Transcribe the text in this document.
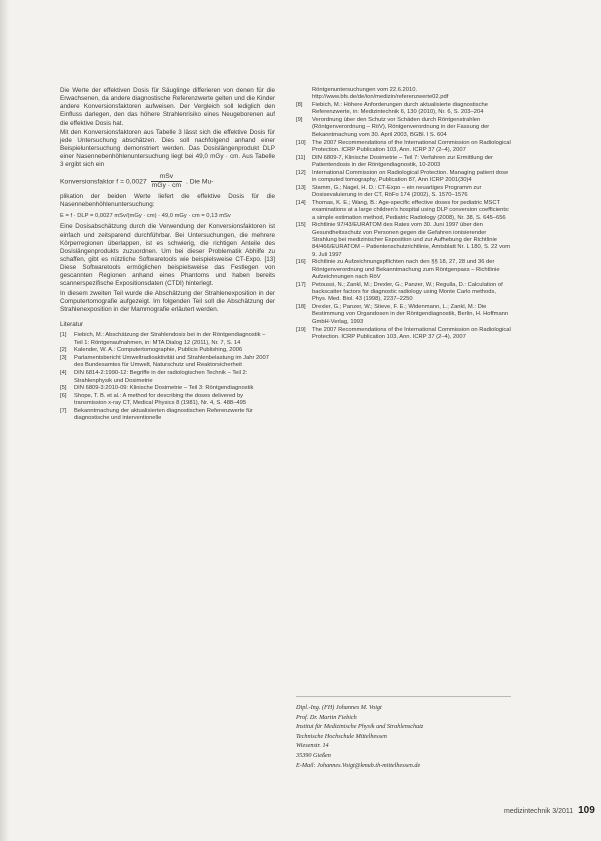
Die Werte der effektiven Dosis für Säuglinge differieren von denen für die Erwachsenen, da andere diagnostische Referenzwerte gelten und die Kinder andere Konversionsfaktoren aufweisen. Der Vergleich soll lediglich den Einfluss darlegen, den das höhere Strahlenrisiko eines Neugeborenen auf die effektive Dosis hat.

Mit den Konversionsfaktoren aus Tabelle 3 lässt sich die effektive Dosis für jede Untersuchung abschätzen. Dies soll nachfolgend anhand einer Beispieluntersuchung demonstriert werden. Das Dosislängenprodukt DLP einer Nasennebenhöhlenuntersuchung liegt bei 49,0 mGy · cm. Aus Tabelle 3 ergibt sich ein

Konversionsfaktor f = 0,0027
mSv
mGy · cm
. Die Mu-

plikation der beiden Werte liefert die effektive Dosis für die Nasennebenhöhlenuntersuchung:

E = f · DLP = 0,0027 mSv/(mGy · cm) · 49,0 mGy · cm = 0,13 mSv

Eine Dosisabschätzung durch die Verwendung der Konversionsfaktoren ist einfach und zeitsparend durchführbar. Bei Untersuchungen, die mehrere Körperregionen überlappen, ist es schwierig, die richtigen Anteile des Dosislängenprodukts zuzuordnen. Um bei dieser Problematik Abhilfe zu schaffen, gibt es nützliche Softwaretools wie beispielsweise CT-Expo. [13] Diese Softwaretools ermöglichen beispielsweise das Festlegen von gescannten Regionen anhand eines Phantoms und haben bereits scannerspezifische Expositionsdaten (CTDI) hinterlegt.

In diesem zweiten Teil wurde die Abschätzung der Strahlenexposition in der Computertomografie aufgezeigt. Im folgenden Teil soll die Abschätzung der Strahlenexposition in der Mammografie erläutert werden.

Literatur
[1] Fiebich, M.: Abschätzung der Strahlendosis bei in der Röntgendiagnostik – Teil 1: Röntgenaufnahmen, in: MTA Dialog 12 (2011), Nr. 7, S. 14
[2] Kalender, W. A.: Computertomographie, Publicis Publishing, 2006
[3] Parlamentsbericht Umweltradioaktivität und Strahlenbelastung im Jahr 2007 des Bundesamtes für Umwelt, Naturschutz und Reaktorsicherheit
[4] DIN 6814-2:1990-12: Begriffe in der radiologischen Technik – Teil 2: Strahlenphysik und Dosimetrie
[5] DIN 6809-3:2010-09: Klinische Dosimetrie – Teil 3: Röntgendiagnostik
[6] Shope, T. B. et al.: A method for describing the doses delivered by transmission x-ray CT, Medical Physics 8 (1981), Nr. 4, S. 488–495
[7] Bekanntmachung der aktualisierten diagnostischen Referenzwerte für diagnostische und interventionelle
Röntgenuntersuchungen vom 22.6.2010. http://www.bfs.de/de/ion/medizin/referenzwerte02.pdf
[8] Fiebich, M.: Höhere Anforderungen durch aktualisierte diagnostische Referenzwerte, in: Medizintechnik 6, 130 (2010), Nr. 6, S. 203–204
[9] Verordnung über den Schutz vor Schäden durch Röntgenstrahlen (Röntgenverordnung – RöV), Röntgenverordnung in der Fassung der Bekanntmachung vom 30. April 2003, BGBl. I S. 604
[10] The 2007 Recommendations of the International Commission on Radiological Protection. ICRP Publication 103, Ann. ICRP 37 (2–4), 2007
[11] DIN 6809-7, Klinische Dosimetrie – Teil 7: Verfahren zur Ermittlung der Patientendosis in der Röntgendiagnostik, 10-2003
[12] International Commission on Radiological Protection. Managing patient dose in computed tomography, Publication 87, Ann ICRP 2001(30)4
[13] Stamm, G.; Nagel, H. D.: CT-Expo – ein neuartiges Programm zur Dosisevaluierung in der CT, RöFo 174 (2002), S. 1570–1576
[14] Thomas, K. E.; Wang, B.: Age-specific effective doses for pediatric MSCT examinations at a large children's hospital using DLP conversion coefficients: a simple estimation method, Pediatric Radiology (2008), Nr. 38, S. 645–656
[15] Richtlinie 97/43/EURATOM des Rates vom 30. Juni 1997 über den Gesundheitsschutz von Personen gegen die Gefahren ionisierender Strahlung bei medizinischer Exposition und zur Aufhebung der Richtlinie 84/466/EURATOM – Patientenschutzrichtlinie, Amtsblatt Nr. L 180, S. 22 vom 9. Juli 1997
[16] Richtlinie zu Aufzeichnungspflichten nach den §§ 18, 27, 28 und 36 der Röntgenverordnung und Bekanntmachung zum Röntgenpass – Richtlinie Aufzeichnungen nach RöV
[17] Petoussi, N.; Zankl, M.; Drexler, G.; Panzer, W.; Regulla, D.: Calculation of backscatter factors for diagnostic radiology using Monte Carlo methods, Phys. Med. Biol. 43 (1998), 2237–2250
[18] Drexler, G.; Panzer, W.; Stieve, F. E.; Widenmann, L.; Zankl, M.: Die Bestimmung von Organdosen in der Röntgendiagnostik, Berlin, H. Hoffmann GmbH-Verlag, 1993
[19] The 2007 Recommendations of the International Commission on Radiological Protection. ICRP Publication 103, Ann. ICRP 37 (2–4), 2007
Dipl.-Ing. (FH) Johannes M. Voigt
Prof. Dr. Martin Fiebich
Institut für Medizinische Physik und Strahlenschutz
Technische Hochschule Mittelhessen
Wiesenstr. 14
35390 Gießen
E-Mail: Johannes.Voigt@kmub.th-mittelhessen.de
medizintechnik 3/2011 109
